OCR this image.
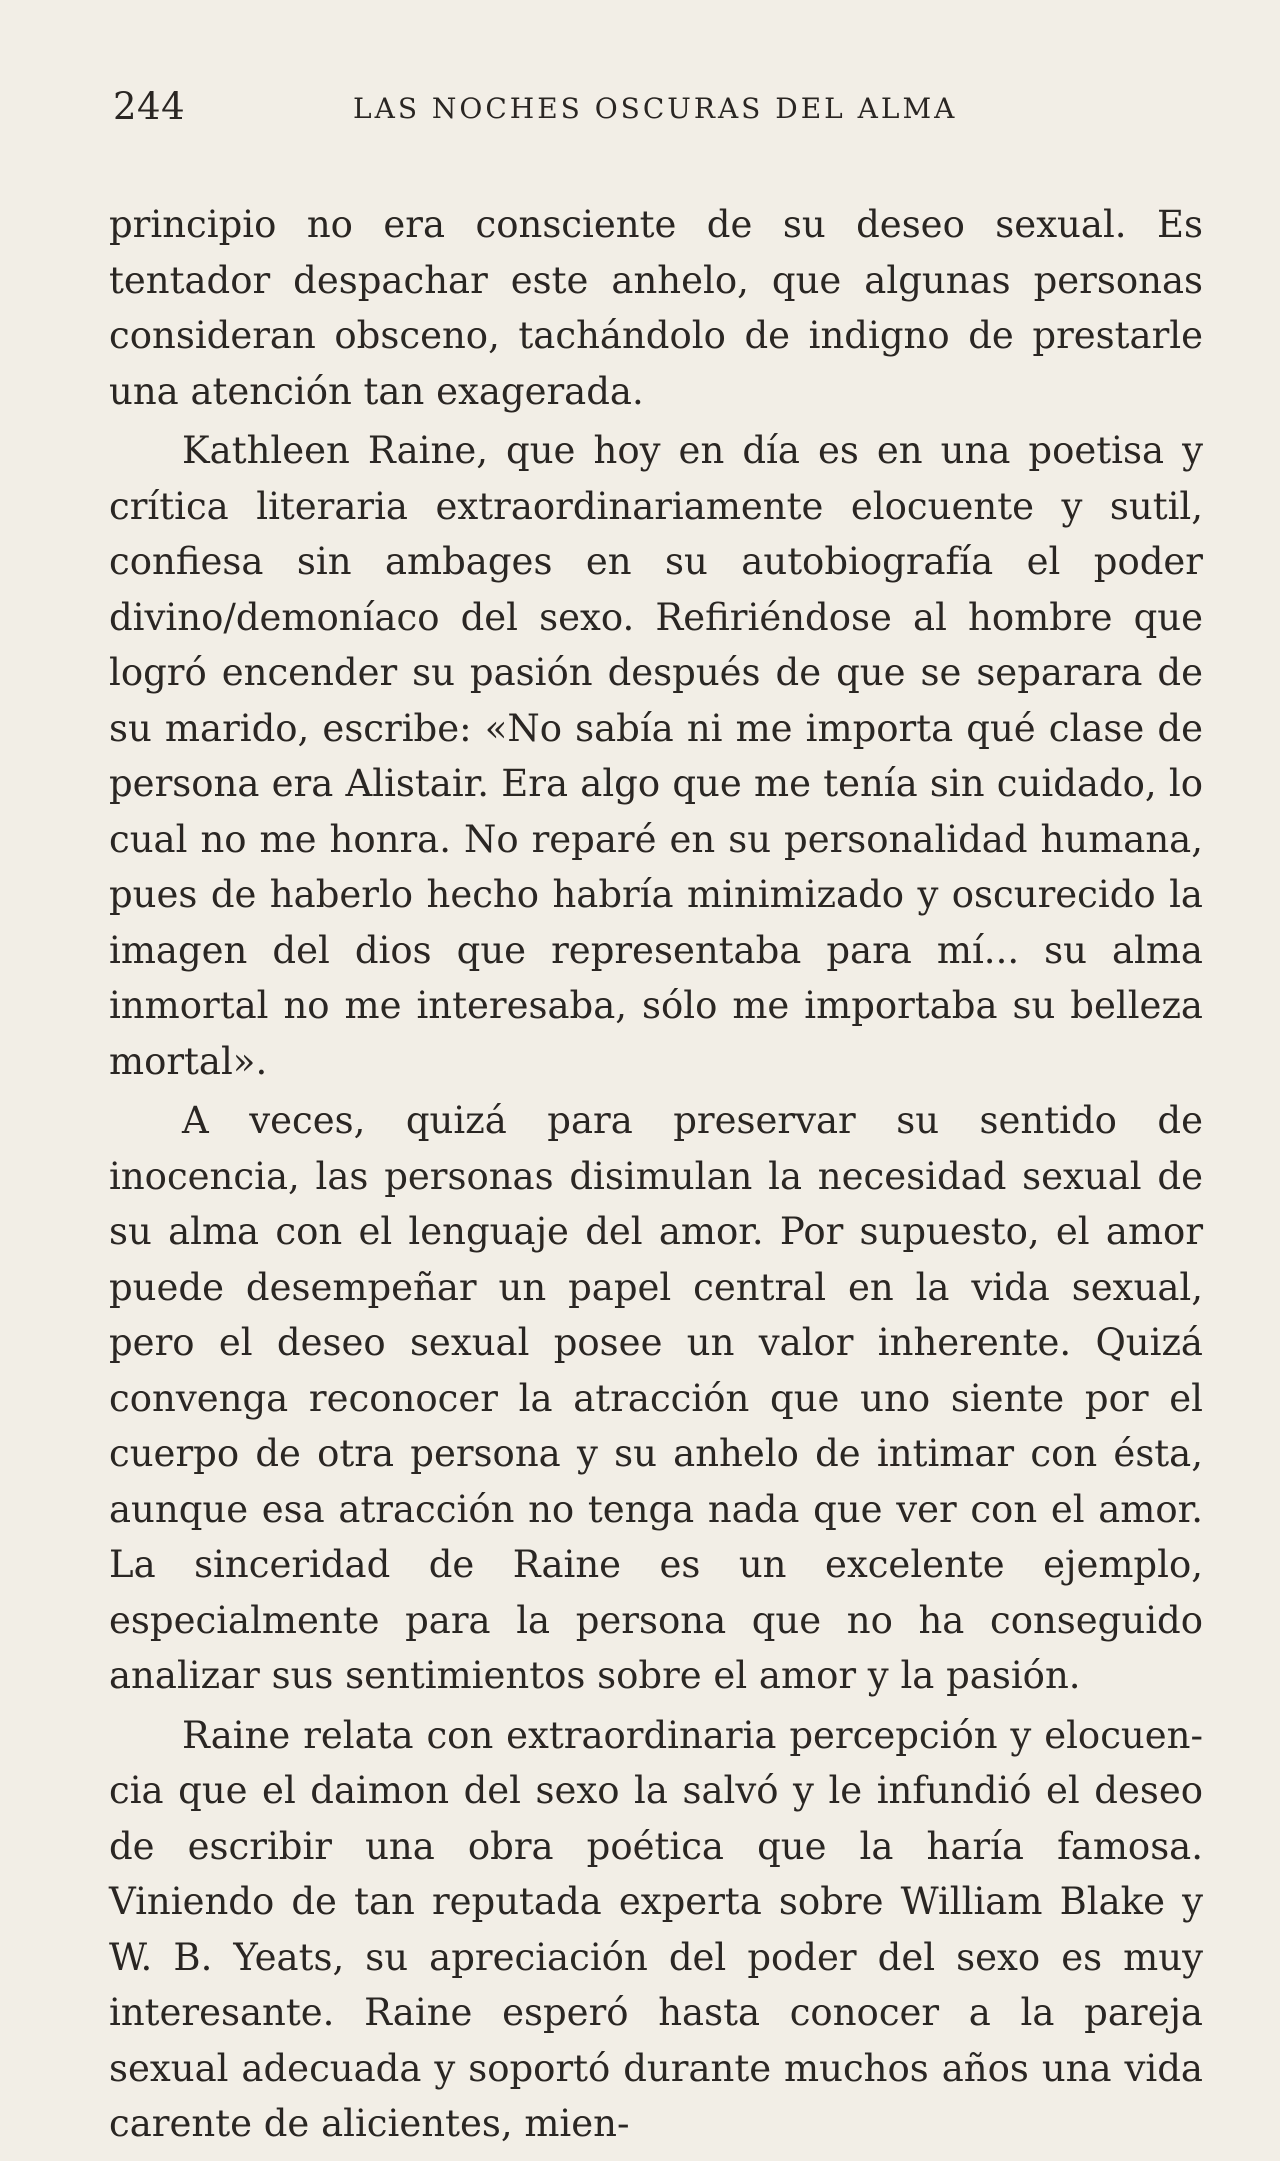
244	LAS NOCHES OSCURAS DEL ALMA

principio no era consciente de su deseo sexual. Es tentador despachar este anhelo, que algunas personas consideran obsceno, tachándolo de indigno de prestarle una atención tan exagerada.

Kathleen Raine, que hoy en día es en una poetisa y crítica literaria extraordinariamente elocuente y sutil, confiesa sin ambages en su autobiografía el poder divino/demoníaco del sexo. Refiriéndose al hombre que logró encender su pasión después de que se separara de su marido, escribe: «No sabía ni me importa qué clase de persona era Alistair. Era algo que me tenía sin cuidado, lo cual no me honra. No reparé en su personalidad humana, pues de haberlo hecho habría minimizado y oscurecido la imagen del dios que representaba para mí... su alma inmortal no me interesaba, sólo me importaba su belleza mortal».

A veces, quizá para preservar su sentido de inocencia, las personas disimulan la necesidad sexual de su alma con el lenguaje del amor. Por supuesto, el amor puede desempeñar un papel central en la vida sexual, pero el deseo sexual posee un valor inherente. Quizá convenga reconocer la atracción que uno siente por el cuerpo de otra persona y su anhelo de intimar con ésta, aunque esa atracción no tenga nada que ver con el amor. La sinceridad de Raine es un excelente ejemplo, especialmente para la persona que no ha conseguido analizar sus sentimientos sobre el amor y la pasión.

Raine relata con extraordinaria percepción y elocuencia que el daimon del sexo la salvó y le infundió el deseo de escribir una obra poética que la haría famosa. Viniendo de tan reputada experta sobre William Blake y W. B. Yeats, su apreciación del poder del sexo es muy interesante. Raine esperó hasta conocer a la pareja sexual adecuada y soportó durante muchos años una vida carente de alicientes, mien-
